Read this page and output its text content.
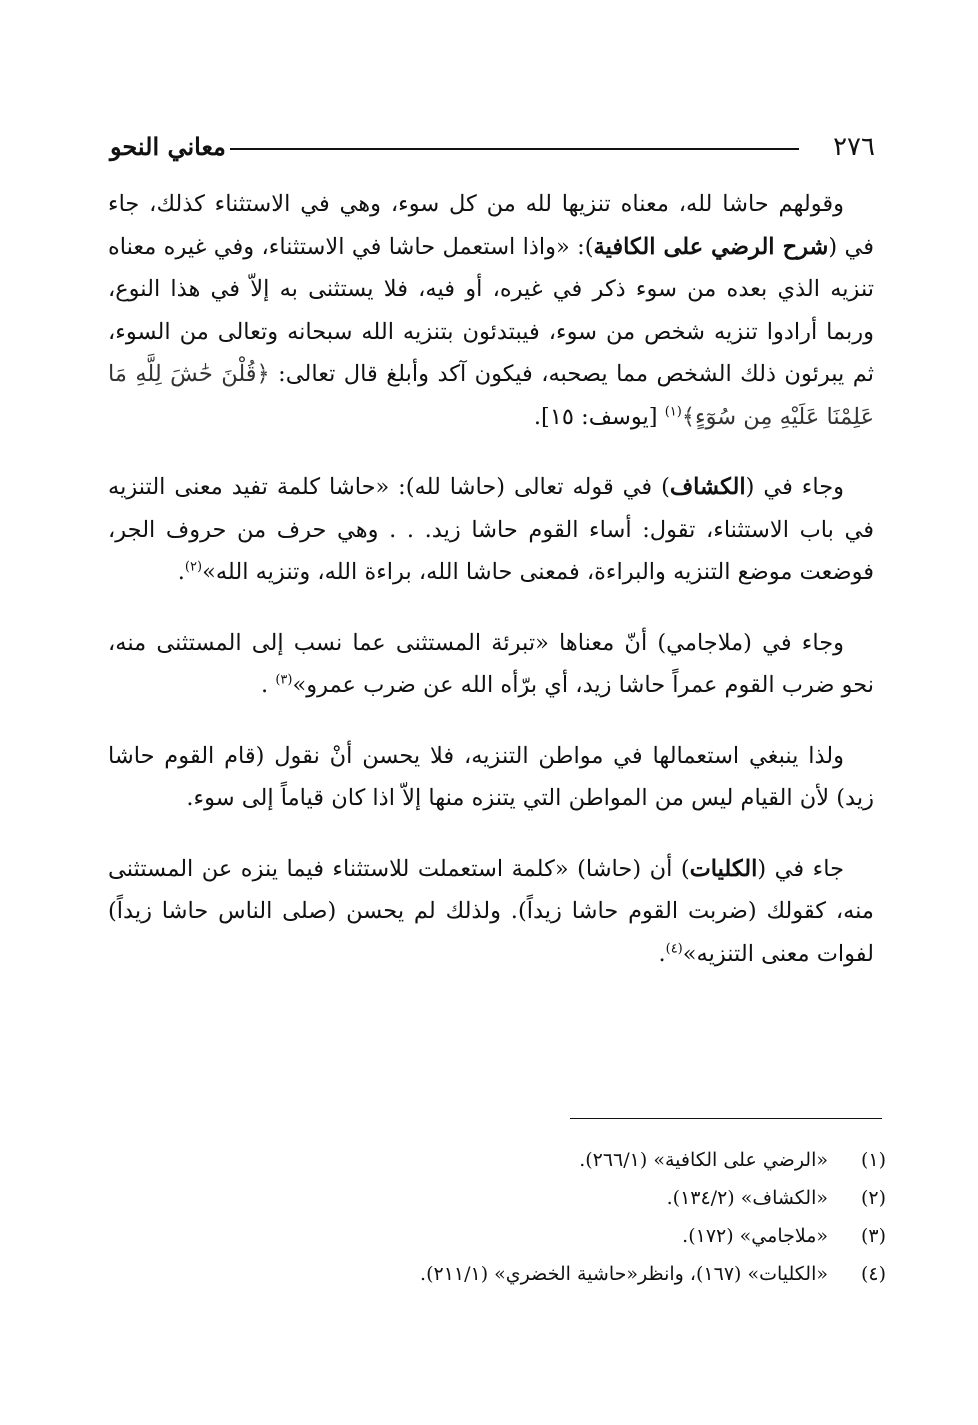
٢٧٦
معاني النحو

وقولهم حاشا لله، معناه تنزيها لله من كل سوء، وهي في الاستثناء كذلك، جاء في (شرح الرضي على الكافية): «واذا استعمل حاشا في الاستثناء، وفي غيره معناه تنزيه الذي بعده من سوء ذكر في غيره، أو فيه، فلا يستثنى به إلاّ في هذا النوع، وربما أرادوا تنزيه شخص من سوء، فيبتدئون بتنزيه الله سبحانه وتعالى من السوء، ثم يبرئون ذلك الشخص مما يصحبه، فيكون آكد وأبلغ قال تعالى: ﴿قُلْنَ حَٰشَ لِلَّهِ مَا عَلِمْنَا عَلَيْهِ مِن سُوٓءٍ﴾$^{(١)}$ [يوسف: ١٥].

وجاء في (الكشاف) في قوله تعالى (حاشا لله): «حاشا كلمة تفيد معنى التنزيه في باب الاستثناء، تقول: أساء القوم حاشا زيد. . . وهي حرف من حروف الجر، فوضعت موضع التنزيه والبراءة، فمعنى حاشا الله، براءة الله، وتنزيه الله»$^{(٢)}$.

وجاء في (ملاجامي) أنّ معناها «تبرئة المستثنى عما نسب إلى المستثنى منه، نحو ضرب القوم عمراً حاشا زيد، أي برّأه الله عن ضرب عمرو»$^{(٣)}$ .

ولذا ينبغي استعمالها في مواطن التنزيه، فلا يحسن أنْ نقول (قام القوم حاشا زيد) لأن القيام ليس من المواطن التي يتنزه منها إلاّ اذا كان قياماً إلى سوء.

جاء في (الكليات) أن (حاشا) «كلمة استعملت للاستثناء فيما ينزه عن المستثنى منه، كقولك (ضربت القوم حاشا زيداً). ولذلك لم يحسن (صلى الناس حاشا زيداً) لفوات معنى التنزيه»$^{(٤)}$.

(١)
«الرضي على الكافية» (٢٦٦/١).
(٢)
«الكشاف» (١٣٤/٢).
(٣)
«ملاجامي» (١٧٢).
(٤)
«الكليات» (١٦٧)، وانظر«حاشية الخضري» (٢١١/١).
